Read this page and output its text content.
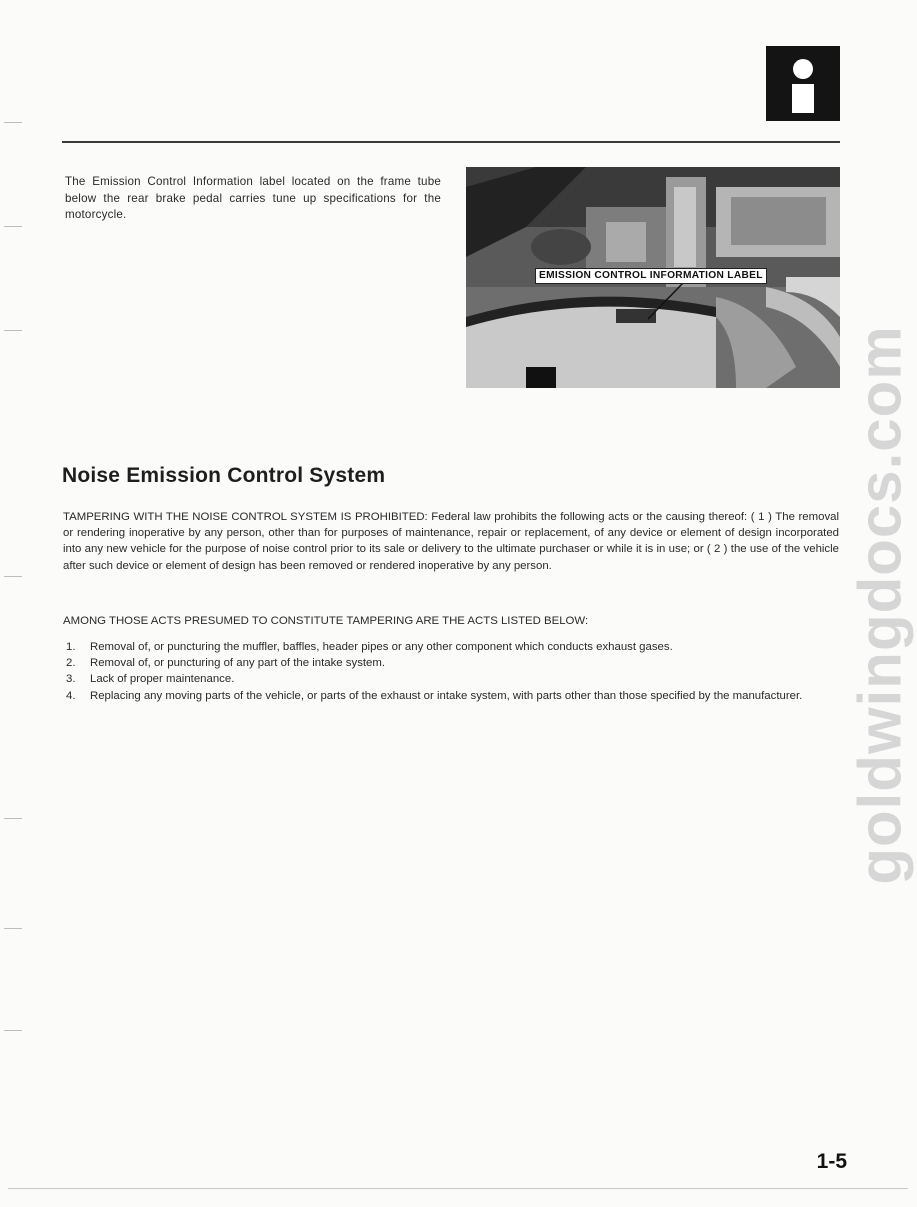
The Emission Control Information label located on the frame tube below the rear brake pedal carries tune up specifications for the motorcycle.

EMISSION CONTROL INFORMATION LABEL
Noise Emission Control System

TAMPERING WITH THE NOISE CONTROL SYSTEM IS PROHIBITED: Federal law prohibits the following acts or the causing thereof: ( 1 ) The removal or rendering inoperative by any person, other than for purposes of maintenance, repair or replacement, of any device or element of design incorporated into any new vehicle for the purpose of noise control prior to its sale or delivery to the ultimate purchaser or while it is in use; or ( 2 ) the use of the vehicle after such device or element of design has been removed or rendered inoperative by any person.

AMONG THOSE ACTS PRESUMED TO CONSTITUTE TAMPERING ARE THE ACTS LISTED BELOW:

1.	Removal of, or puncturing the muffler, baffles, header pipes or any other component which conducts exhaust gases.
2.	Removal of, or puncturing of any part of the intake system.
3.	Lack of proper maintenance.
4.	Replacing any moving parts of the vehicle, or parts of the exhaust or intake system, with parts other than those specified by the manufacturer. goldwingdocs.com
1-5
